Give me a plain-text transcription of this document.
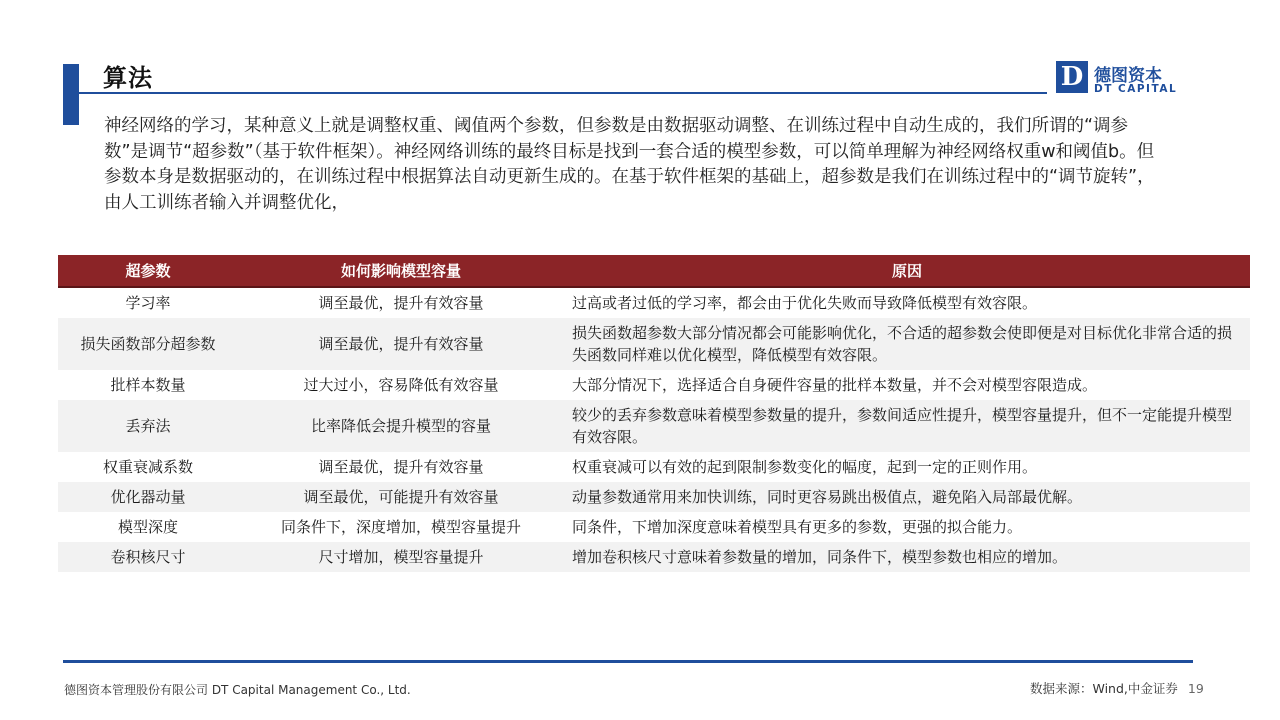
算法	D 德图资本
DT CAPITAL
神经网络的学习，某种意义上就是调整权重、阈值两个参数，但参数是由数据驱动调整、在训练过程中自动生成的，我们所谓的“调参数”是调节“超参数”（基于软件框架）。神经网络训练的最终目标是找到一套合适的模型参数，可以简单理解为神经网络权重w和阈值b。但参数本身是数据驱动的，在训练过程中根据算法自动更新生成的。在基于软件框架的基础上，超参数是我们在训练过程中的“调节旋转”，由人工训练者输入并调整优化，
超参数	如何影响模型容量	原因
学习率	调至最优，提升有效容量	过高或者过低的学习率，都会由于优化失败而导致降低模型有效容限。
损失函数部分超参数	调至最优，提升有效容量	损失函数超参数大部分情况都会可能影响优化，不合适的超参数会使即便是对目标优化非常合适的损失函数同样难以优化模型，降低模型有效容限。
批样本数量	过大过小，容易降低有效容量	大部分情况下，选择适合自身硬件容量的批样本数量，并不会对模型容限造成。
丢弃法	比率降低会提升模型的容量	较少的丢弃参数意味着模型参数量的提升，参数间适应性提升，模型容量提升，但不一定能提升模型有效容限。
权重衰减系数	调至最优，提升有效容量	权重衰减可以有效的起到限制参数变化的幅度，起到一定的正则作用。
优化器动量	调至最优，可能提升有效容量	动量参数通常用来加快训练，同时更容易跳出极值点，避免陷入局部最优解。
模型深度	同条件下，深度增加，模型容量提升	同条件，下增加深度意味着模型具有更多的参数，更强的拟合能力。
卷积核尺寸	尺寸增加，模型容量提升	增加卷积核尺寸意味着参数量的增加，同条件下，模型参数也相应的增加。
德图资本管理股份有限公司 DT Capital Management Co., Ltd.	数据来源：Wind,中金证券 19
